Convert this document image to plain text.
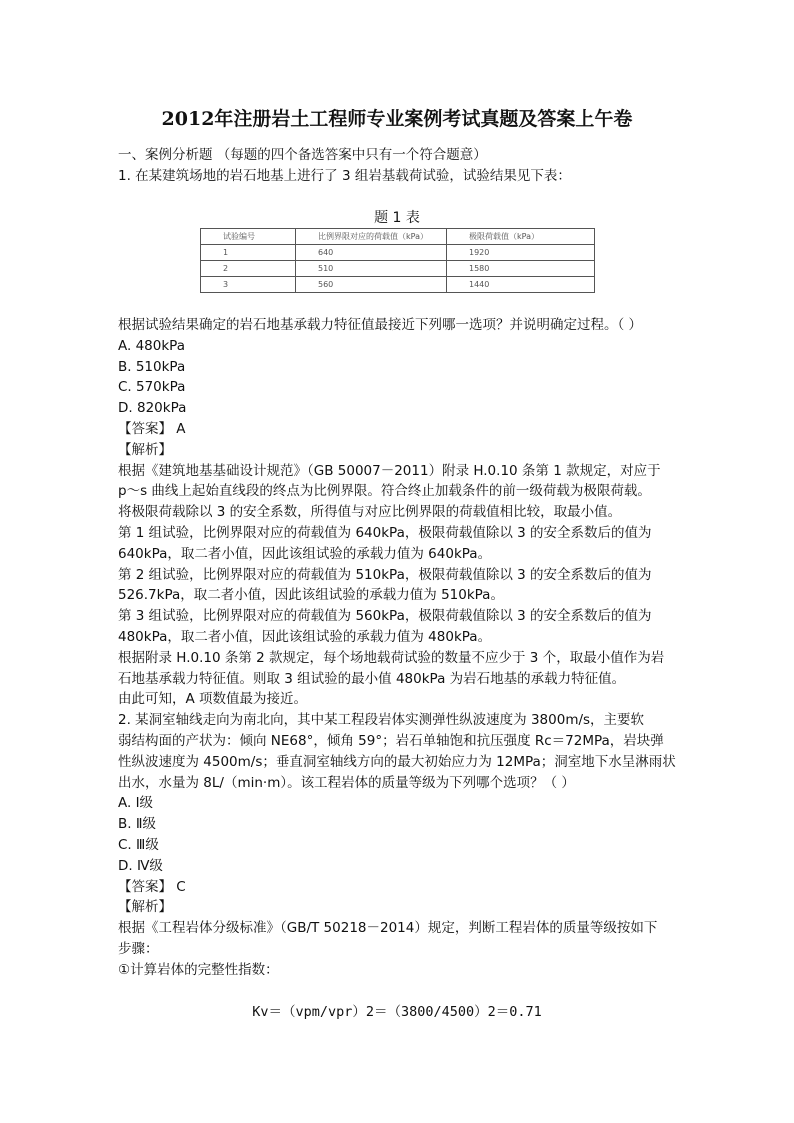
2012年注册岩土工程师专业案例考试真题及答案上午卷
一、案例分析题 （每题的四个备选答案中只有一个符合题意）
1. 在某建筑场地的岩石地基上进行了 3 组岩基载荷试验，试验结果见下表：
题 1 表
试验编号	比例界限对应的荷载值（kPa）	极限荷载值（kPa）
1	640	1920
2	510	1580
3	560	1440
根据试验结果确定的岩石地基承载力特征值最接近下列哪一选项？并说明确定过程。（ ）
A. 480kPa
B. 510kPa
C. 570kPa
D. 820kPa
【答案】 A
【解析】
根据《建筑地基基础设计规范》（GB 50007－2011）附录 H.0.10 条第 1 款规定，对应于
p～s 曲线上起始直线段的终点为比例界限。符合终止加载条件的前一级荷载为极限荷载。
将极限荷载除以 3 的安全系数，所得值与对应比例界限的荷载值相比较，取最小值。
第 1 组试验，比例界限对应的荷载值为 640kPa，极限荷载值除以 3 的安全系数后的值为
640kPa，取二者小值，因此该组试验的承载力值为 640kPa。
第 2 组试验，比例界限对应的荷载值为 510kPa，极限荷载值除以 3 的安全系数后的值为
526.7kPa，取二者小值，因此该组试验的承载力值为 510kPa。
第 3 组试验，比例界限对应的荷载值为 560kPa，极限荷载值除以 3 的安全系数后的值为
480kPa，取二者小值，因此该组试验的承载力值为 480kPa。
根据附录 H.0.10 条第 2 款规定，每个场地载荷试验的数量不应少于 3 个，取最小值作为岩
石地基承载力特征值。则取 3 组试验的最小值 480kPa 为岩石地基的承载力特征值。
由此可知，A 项数值最为接近。
2. 某洞室轴线走向为南北向，其中某工程段岩体实测弹性纵波速度为 3800m/s，主要软
弱结构面的产状为：倾向 NE68°，倾角 59°；岩石单轴饱和抗压强度 Rc＝72MPa，岩块弹
性纵波速度为 4500m/s；垂直洞室轴线方向的最大初始应力为 12MPa；洞室地下水呈淋雨状
出水，水量为 8L/（min·m）。该工程岩体的质量等级为下列哪个选项？（ ）
A. Ⅰ级
B. Ⅱ级
C. Ⅲ级
D. Ⅳ级
【答案】 C
【解析】
根据《工程岩体分级标准》（GB/T 50218－2014）规定，判断工程岩体的质量等级按如下
步骤：
①计算岩体的完整性指数：
Kv＝（vpm/vpr）2＝（3800/4500）2＝0.71
